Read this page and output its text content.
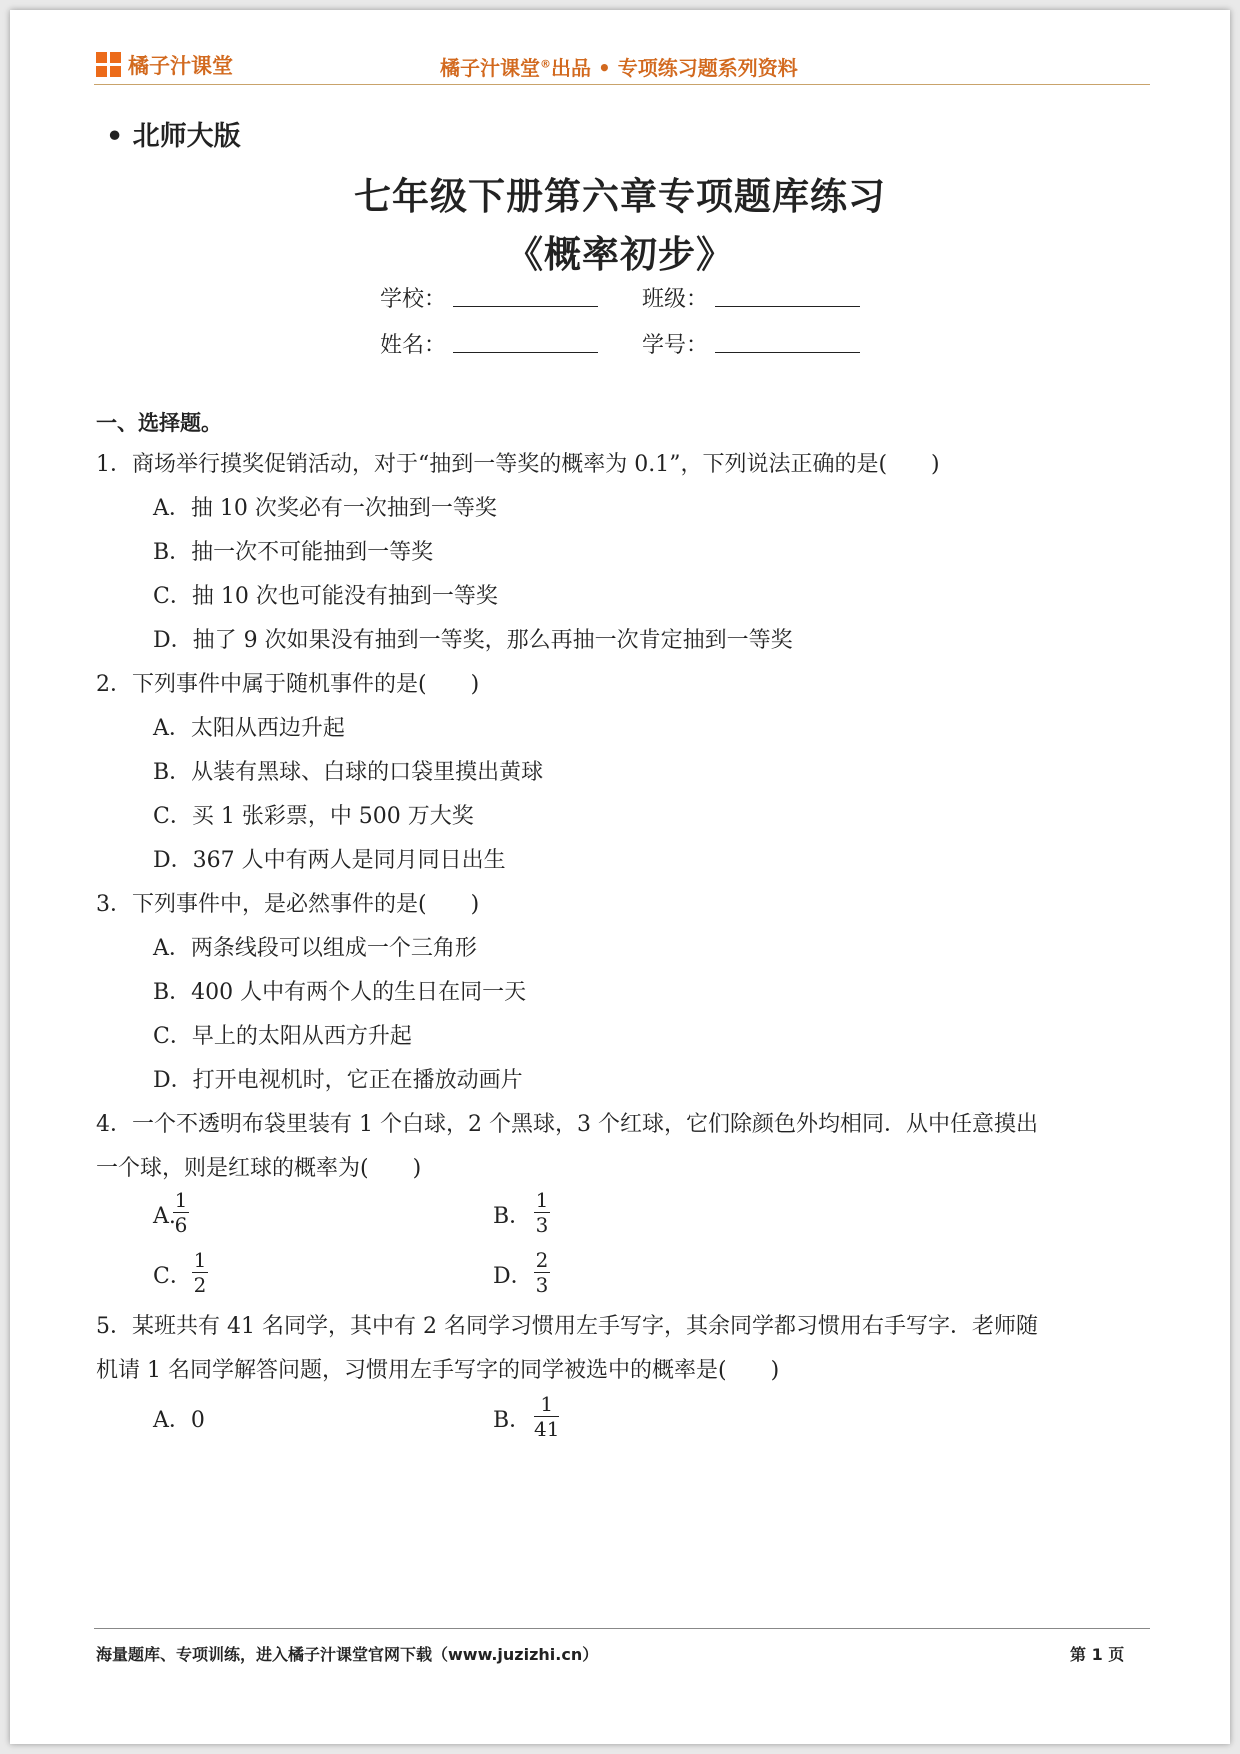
橘子汁课堂	橘子汁课堂®出品 • 专项练习题系列资料
• 北师大版
七年级下册第六章专项题库练习
《概率初步》
学校：	班级：
姓名：	学号：
一、选择题。
1．商场举行摸奖促销活动，对于“抽到一等奖的概率为 0.1”，下列说法正确的是(　　)
A．抽 10 次奖必有一次抽到一等奖
B．抽一次不可能抽到一等奖
C．抽 10 次也可能没有抽到一等奖
D．抽了 9 次如果没有抽到一等奖，那么再抽一次肯定抽到一等奖
2．下列事件中属于随机事件的是(　　)
A．太阳从西边升起
B．从装有黑球、白球的口袋里摸出黄球
C．买 1 张彩票，中 500 万大奖
D．367 人中有两人是同月同日出生
3．下列事件中，是必然事件的是(　　)
A．两条线段可以组成一个三角形
B．400 人中有两个人的生日在同一天
C．早上的太阳从西方升起
D．打开电视机时，它正在播放动画片
4．一个不透明布袋里装有 1 个白球，2 个黑球，3 个红球，它们除颜色外均相同．从中任意摸出
一个球，则是红球的概率为(　　)
A.
1
6	B．
1
3
C．
1
2	D．
2
3
5．某班共有 41 名同学，其中有 2 名同学习惯用左手写字，其余同学都习惯用右手写字．老师随
机请 1 名同学解答问题，习惯用左手写字的同学被选中的概率是(　　)
A．0	B．
1
41
海量题库、专项训练，进入橘子汁课堂官网下载（www.juzizhi.cn）	第 1 页
